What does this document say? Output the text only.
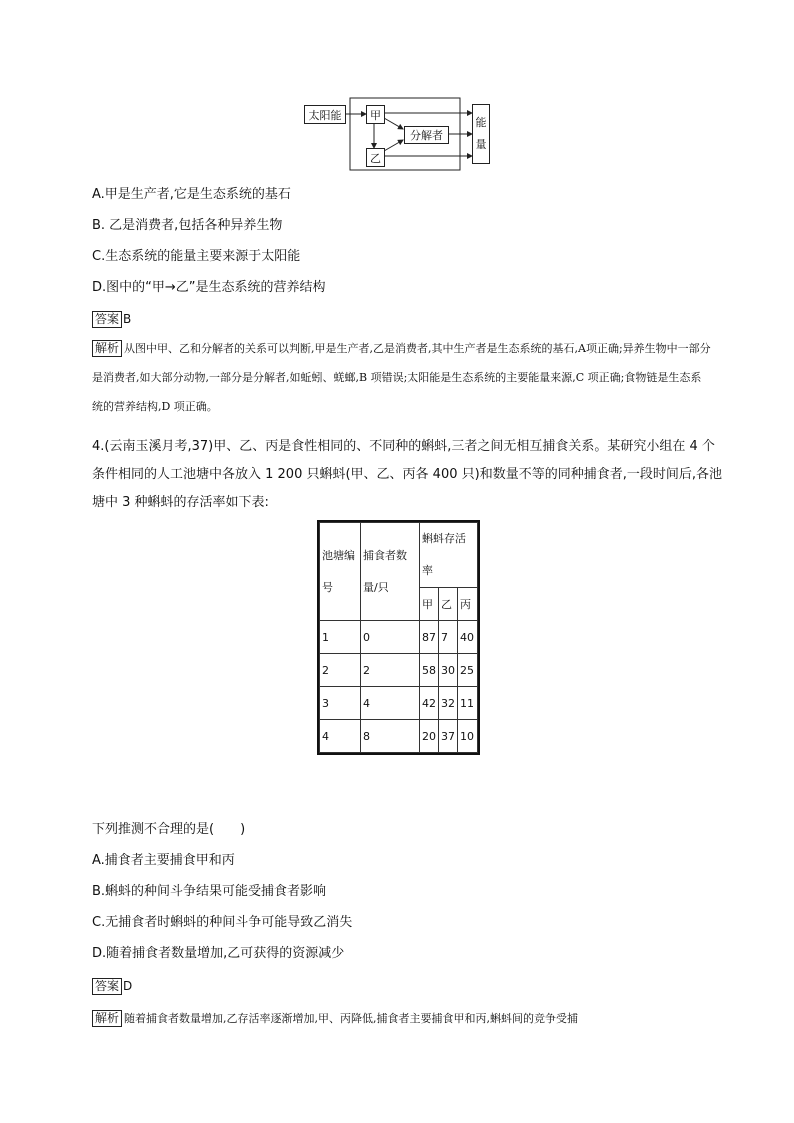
太阳能	甲
乙
分解者
能
量
A.甲是生产者,它是生态系统的基石
B. 乙是消费者,包括各种异养生物
C.生态系统的能量主要来源于太阳能
D.图中的“甲→乙”是生态系统的营养结构
答案 B
解析 从图中甲、乙和分解者的关系可以判断,甲是生产者,乙是消费者,其中生产者是生态系统的基石,A项正确;异养生物中一部分是消费者,如大部分动物,一部分是分解者,如蚯蚓、蜣螂,B 项错误;太阳能是生态系统的主要能量来源,C 项正确;食物链是生态系统的营养结构,D 项正确。
4.(云南玉溪月考,37)甲、乙、丙是食性相同的、不同种的蝌蚪,三者之间无相互捕食关系。某研究小组在 4 个条件相同的人工池塘中各放入 1 200 只蝌蚪(甲、乙、丙各 400 只)和数量不等的同种捕食者,一段时间后,各池塘中 3 种蝌蚪的存活率如下表:
池塘编号	捕食者数量/只	蝌蚪存活率		
		甲	乙	丙
1	0	87	7	40
2	2	58	30	25
3	4	42	32	11
4	8	20	37	10
下列推测不合理的是(　　)
A.捕食者主要捕食甲和丙
B.蝌蚪的种间斗争结果可能受捕食者影响
C.无捕食者时蝌蚪的种间斗争可能导致乙消失
D.随着捕食者数量增加,乙可获得的资源减少
答案 D
解析 随着捕食者数量增加,乙存活率逐渐增加,甲、丙降低,捕食者主要捕食甲和丙,蝌蚪间的竞争受捕
